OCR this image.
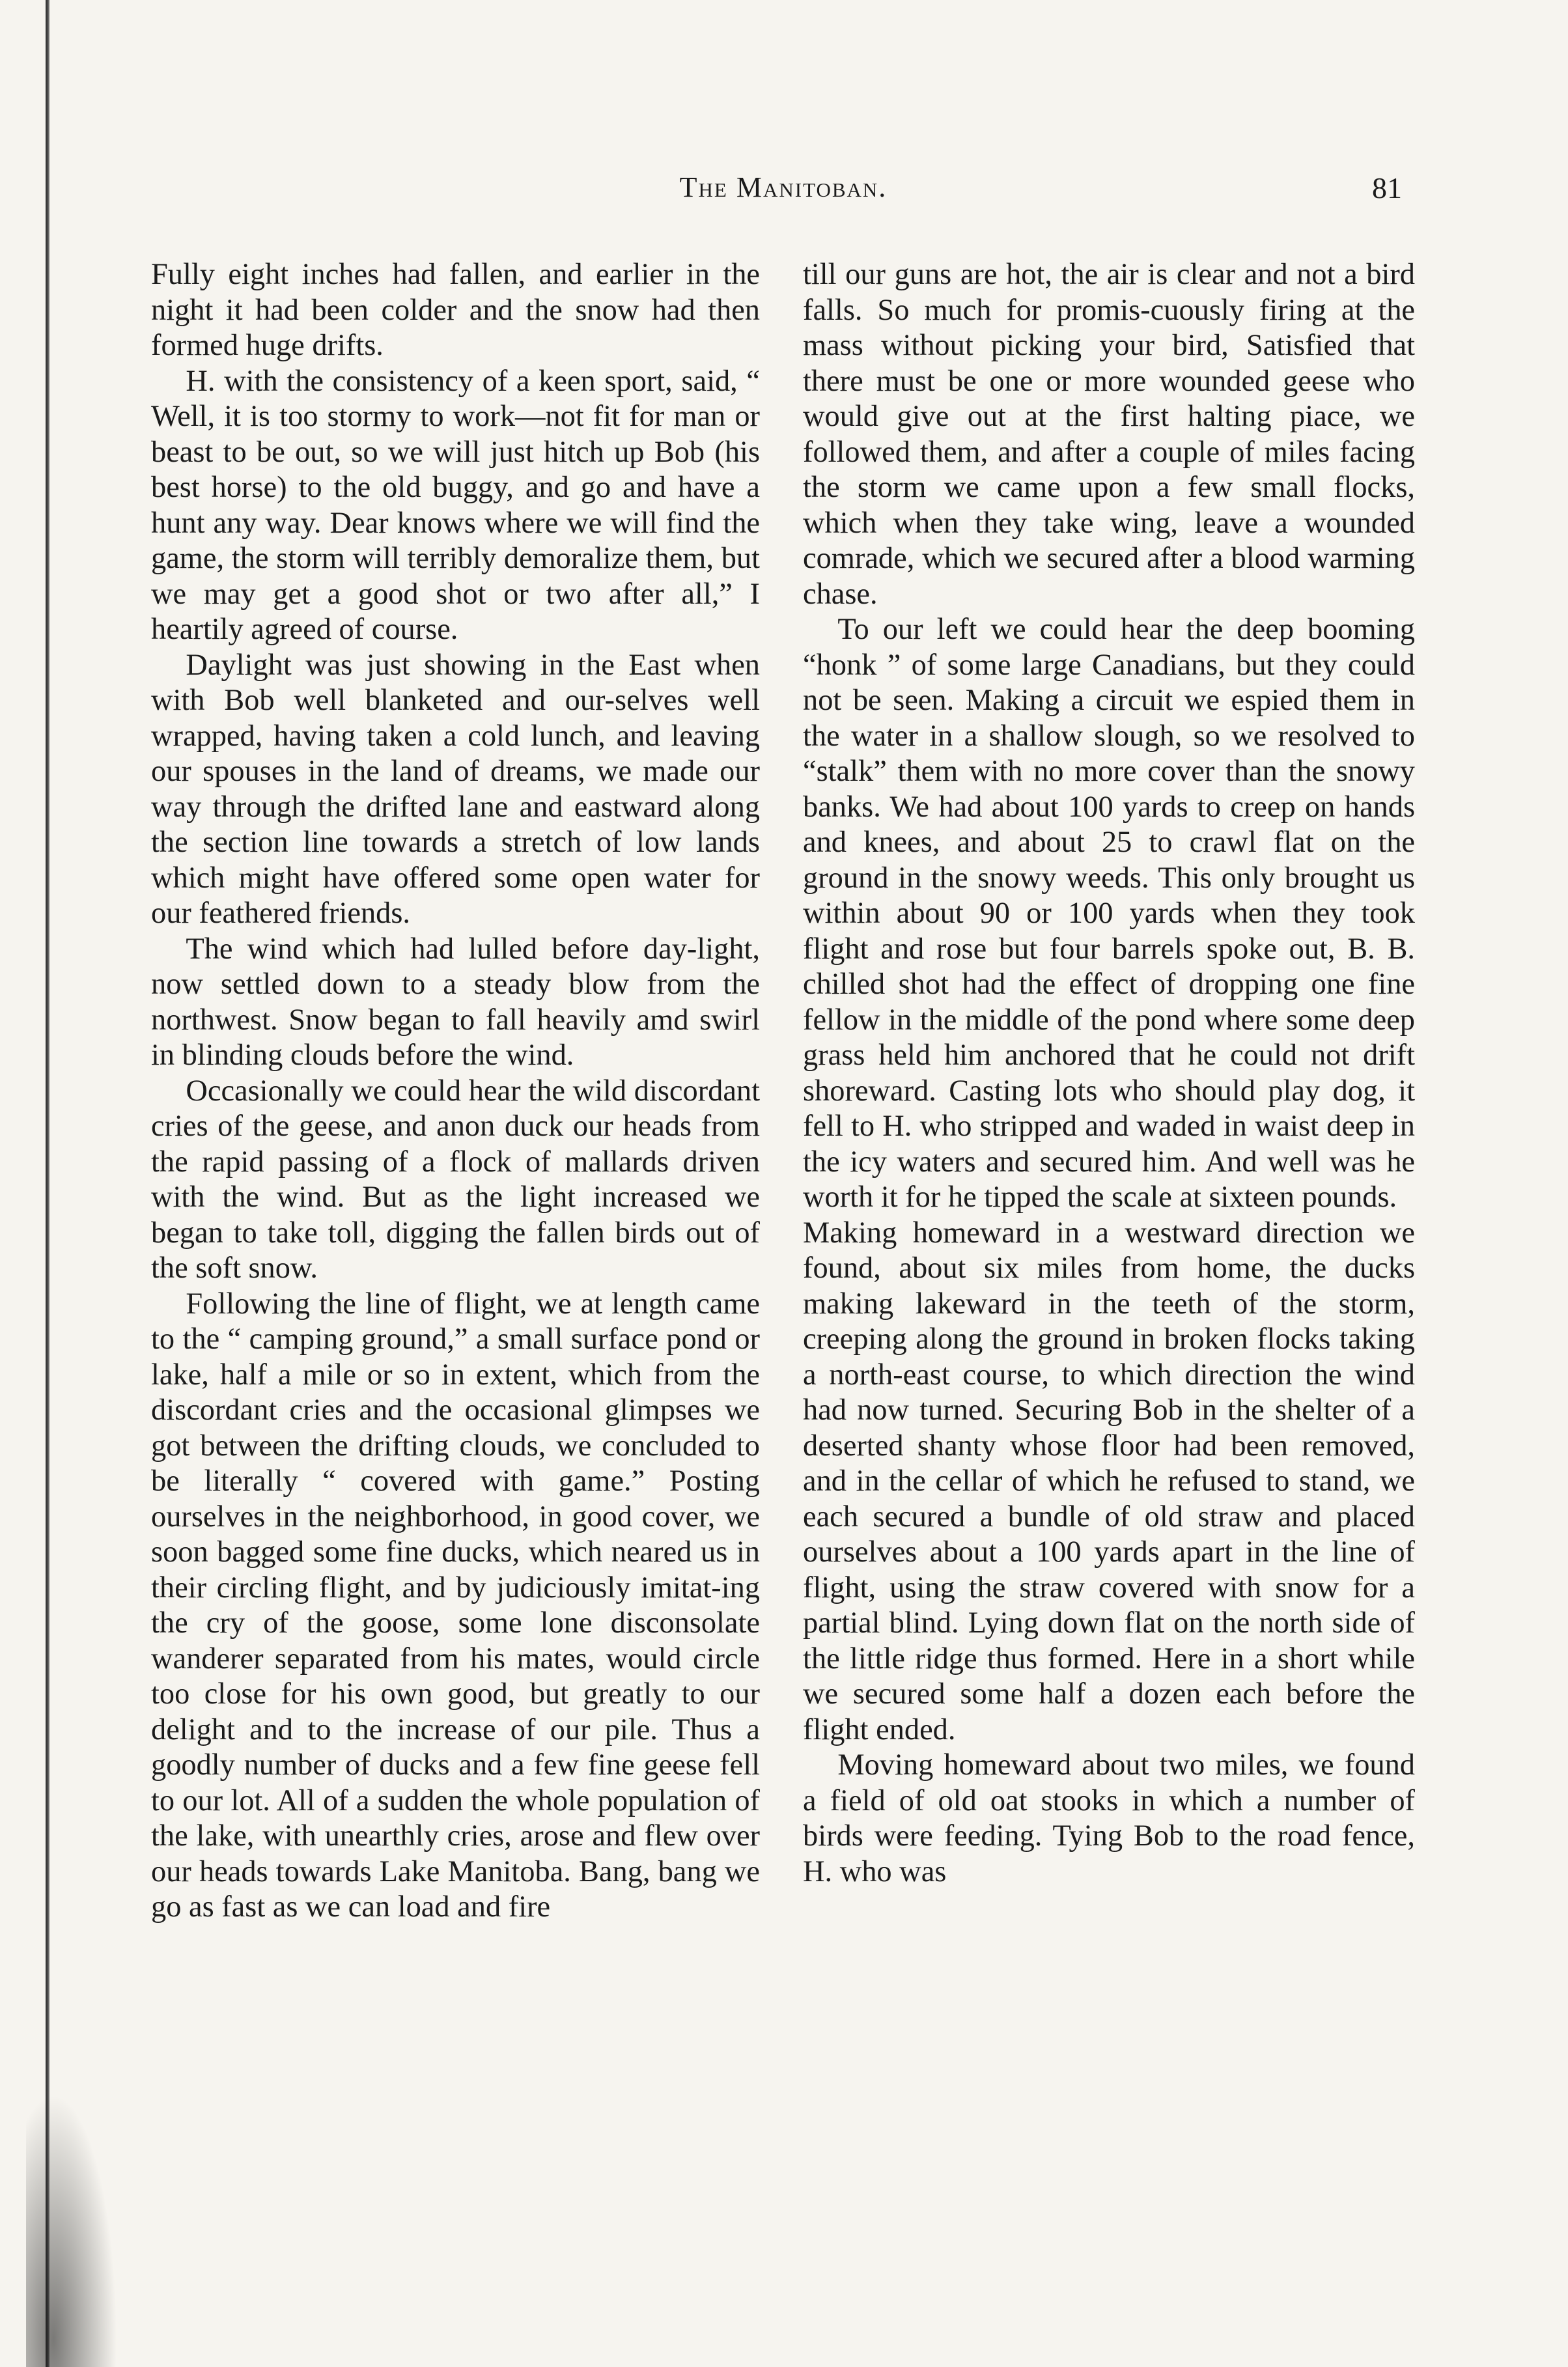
The Manitoban.	81

Fully eight inches had fallen, and earlier in the night it had been colder and the snow had then formed huge drifts.

H. with the consistency of a keen sport, said, “ Well, it is too stormy to work—not fit for man or beast to be out, so we will just hitch up Bob (his best horse) to the old buggy, and go and have a hunt any way. Dear knows where we will find the game, the storm will terribly demoralize them, but we may get a good shot or two after all,” I heartily agreed of course.

Daylight was just showing in the East when with Bob well blanketed and our-selves well wrapped, having taken a cold lunch, and leaving our spouses in the land of dreams, we made our way through the drifted lane and eastward along the section line towards a stretch of low lands which might have offered some open water for our feathered friends.

The wind which had lulled before day-light, now settled down to a steady blow from the northwest. Snow began to fall heavily amd swirl in blinding clouds before the wind.

Occasionally we could hear the wild discordant cries of the geese, and anon duck our heads from the rapid passing of a flock of mallards driven with the wind. But as the light increased we began to take toll, digging the fallen birds out of the soft snow.

Following the line of flight, we at length came to the “ camping ground,” a small surface pond or lake, half a mile or so in extent, which from the discordant cries and the occasional glimpses we got between the drifting clouds, we concluded to be literally “ covered with game.” Posting ourselves in the neighborhood, in good cover, we soon bagged some fine ducks, which neared us in their circling flight, and by judiciously imitat-ing the cry of the goose, some lone disconsolate wanderer separated from his mates, would circle too close for his own good, but greatly to our delight and to the increase of our pile. Thus a goodly number of ducks and a few fine geese fell to our lot. All of a sudden the whole population of the lake, with unearthly cries, arose and flew over our heads towards Lake Manitoba. Bang, bang we go as fast as we can load and fire

till our guns are hot, the air is clear and not a bird falls. So much for promis-cuously firing at the mass without picking your bird, Satisfied that there must be one or more wounded geese who would give out at the first halting piace, we followed them, and after a couple of miles facing the storm we came upon a few small flocks, which when they take wing, leave a wounded comrade, which we secured after a blood warming chase.

To our left we could hear the deep booming “honk ” of some large Canadians, but they could not be seen. Making a circuit we espied them in the water in a shallow slough, so we resolved to “stalk” them with no more cover than the snowy banks. We had about 100 yards to creep on hands and knees, and about 25 to crawl flat on the ground in the snowy weeds. This only brought us within about 90 or 100 yards when they took flight and rose but four barrels spoke out, B. B. chilled shot had the effect of dropping one fine fellow in the middle of the pond where some deep grass held him anchored that he could not drift shoreward. Casting lots who should play dog, it fell to H. who stripped and waded in waist deep in the icy waters and secured him. And well was he worth it for he tipped the scale at sixteen pounds.

Making homeward in a westward direction we found, about six miles from home, the ducks making lakeward in the teeth of the storm, creeping along the ground in broken flocks taking a north-east course, to which direction the wind had now turned. Securing Bob in the shelter of a deserted shanty whose floor had been removed, and in the cellar of which he refused to stand, we each secured a bundle of old straw and placed ourselves about a 100 yards apart in the line of flight, using the straw covered with snow for a partial blind. Lying down flat on the north side of the little ridge thus formed. Here in a short while we secured some half a dozen each before the flight ended.

Moving homeward about two miles, we found a field of old oat stooks in which a number of birds were feeding. Tying Bob to the road fence, H. who was
